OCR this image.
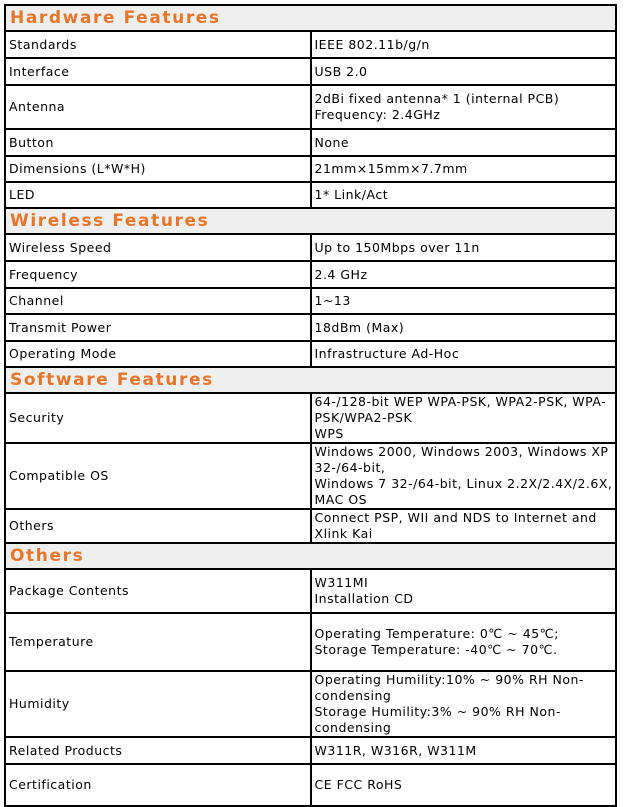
Hardware Features	
Standards	IEEE 802.11b/g/n
Interface	USB 2.0
Antenna	2dBi fixed antenna* 1 (internal PCB) Frequency: 2.4GHz
Button	None
Dimensions (L*W*H)	21mm×15mm×7.7mm
LED	1* Link/Act
Wireless Features	
Wireless Speed	Up to 150Mbps over 11n
Frequency	2.4 GHz
Channel	1~13
Transmit Power	18dBm (Max)
Operating Mode	Infrastructure Ad-Hoc
Software Features	
Security	64-/128-bit WEP WPA-PSK, WPA2-PSK, WPA-PSK/WPA2-PSK
WPS
Compatible OS	Windows 2000, Windows 2003, Windows XP 32-/64-bit,
Windows 7 32-/64-bit, Linux 2.2X/2.4X/2.6X, MAC OS
Others	Connect PSP, WII and NDS to Internet and Xlink Kai
Others	
Package Contents	W311MI
Installation CD
Temperature	Operating Temperature: 0℃ ~ 45℃;
Storage Temperature: -40℃ ~ 70℃.
Humidity	Operating Humility:10% ~ 90% RH Non-condensing
Storage Humility:3% ~ 90% RH Non-condensing
Related Products	W311R, W316R, W311M
Certification	CE FCC RoHS
